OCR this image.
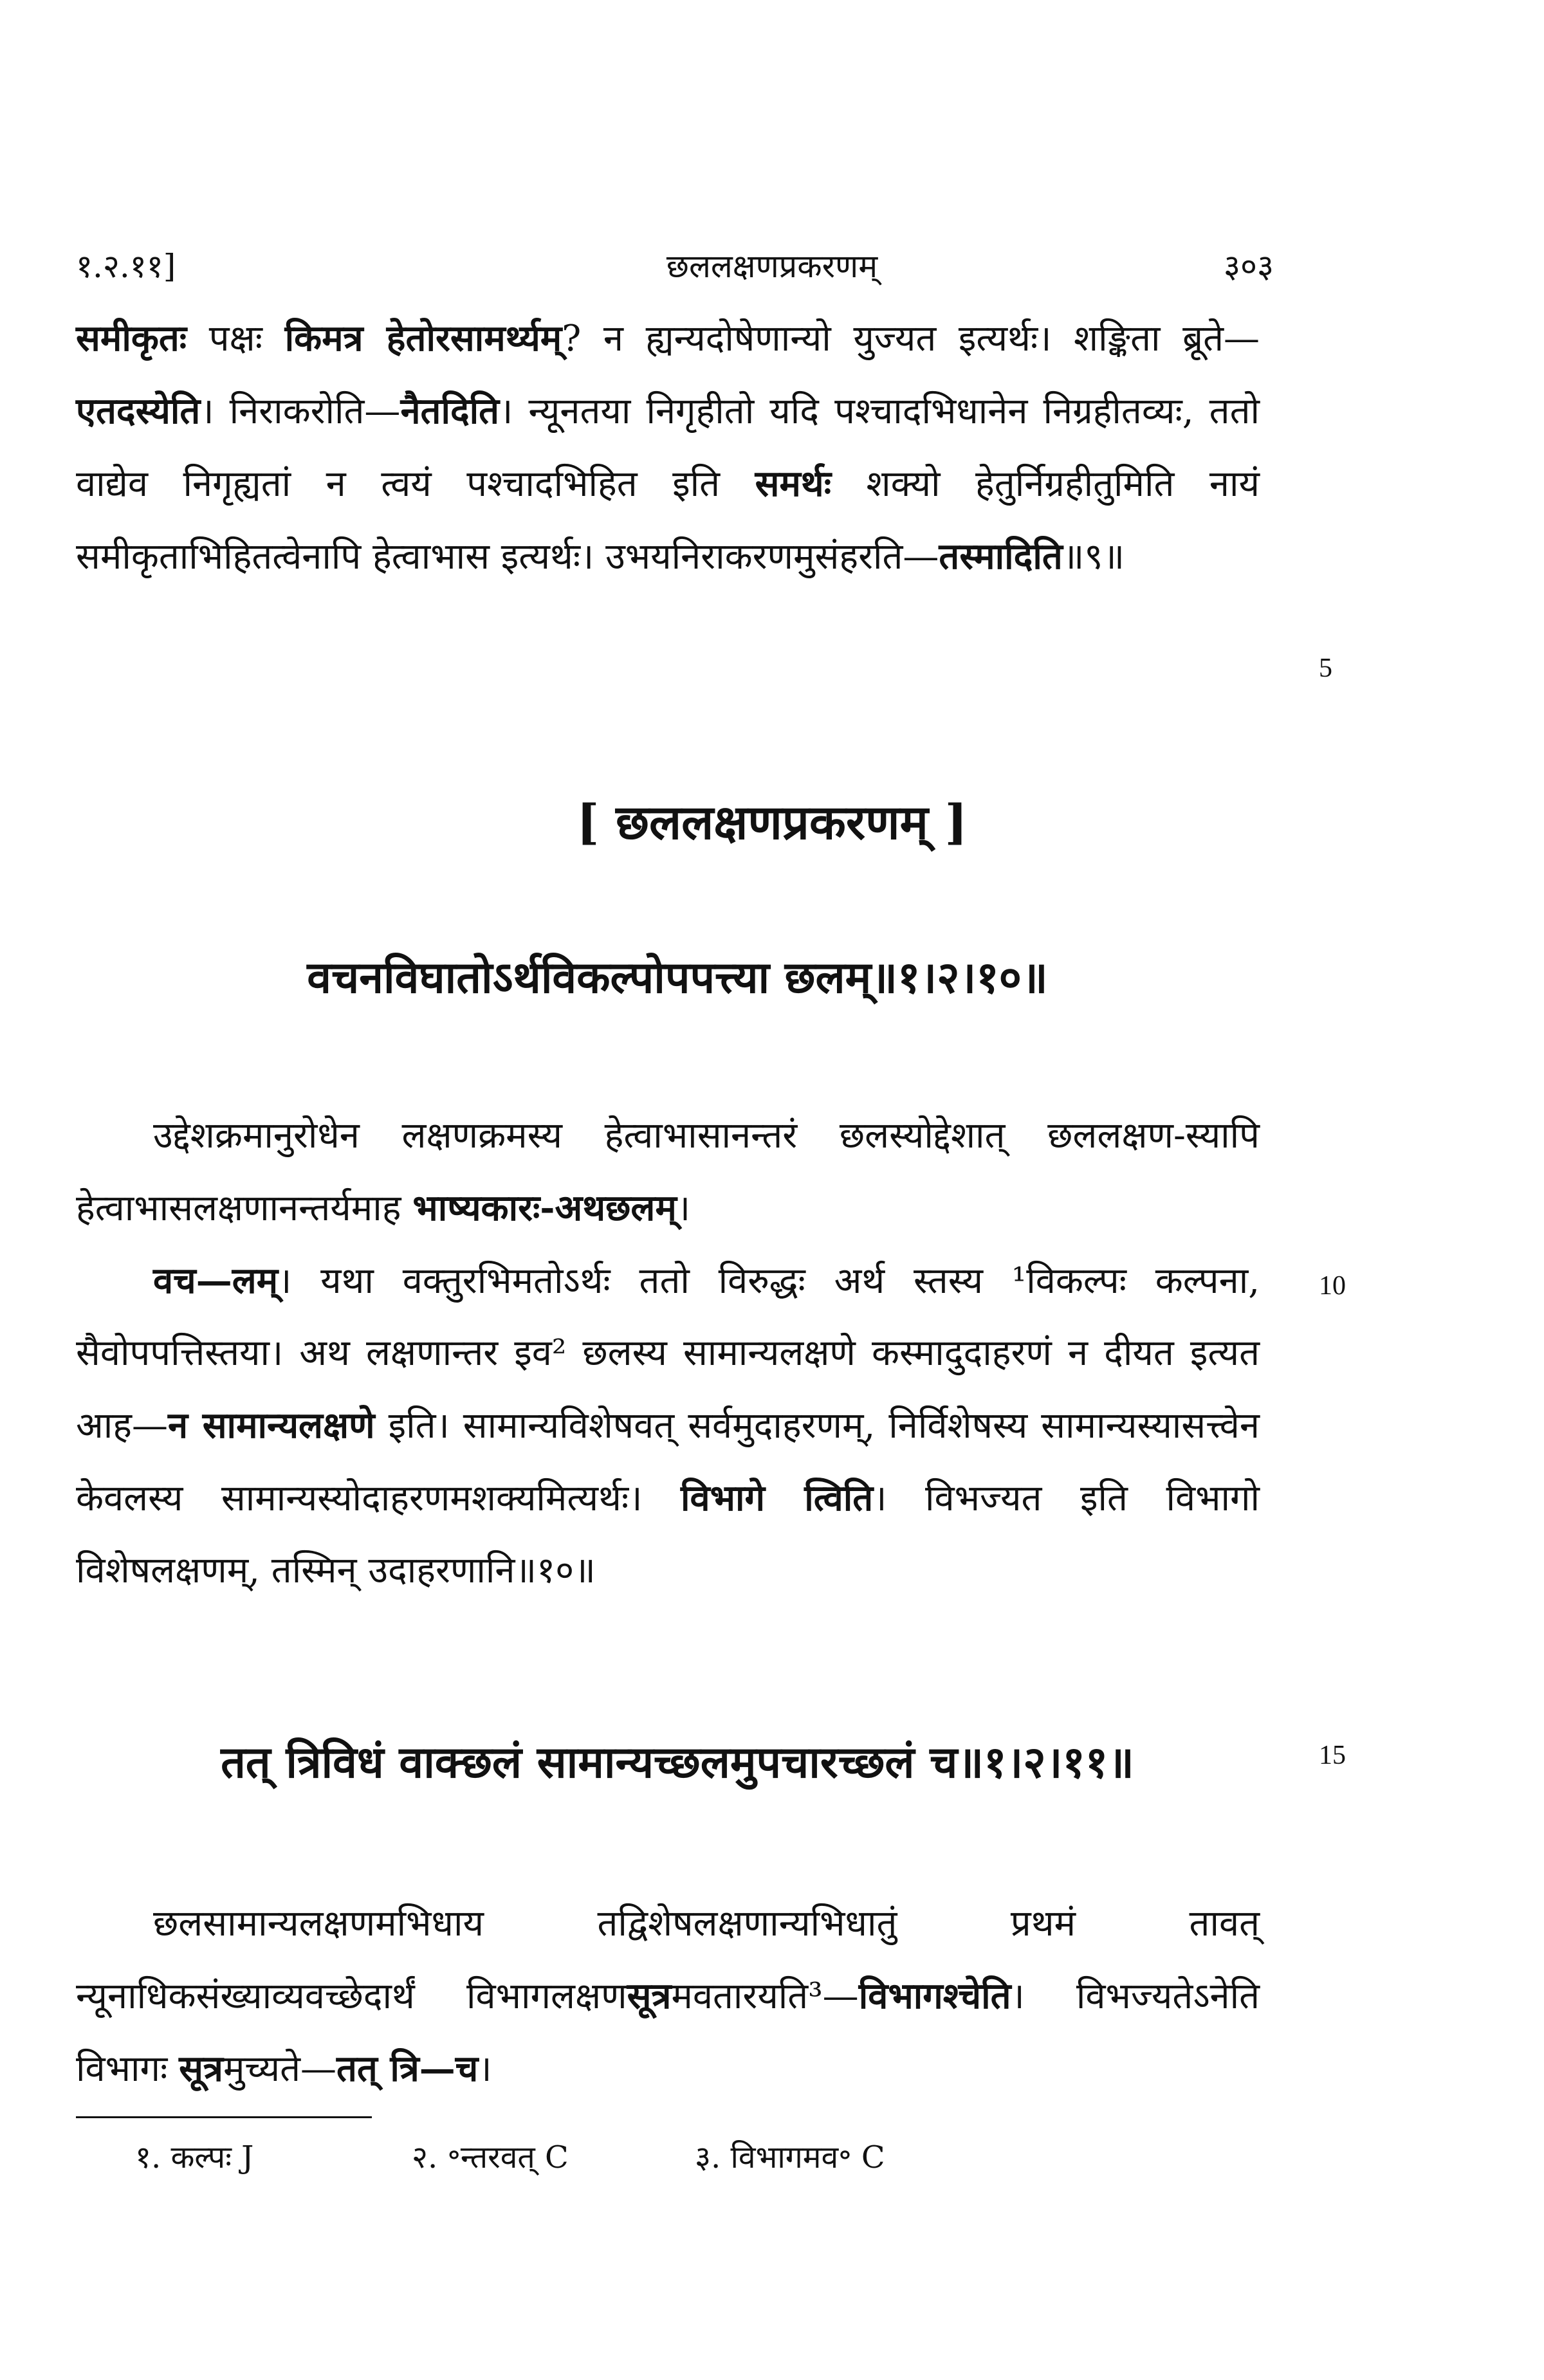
१.२.११]	छललक्षणप्रकरणम्	३०३
समीकृतः पक्षः किमत्र हेतोरसामर्थ्यम्? न ह्यन्यदोषेणान्यो युज्यत इत्यर्थः। शङ्किता ब्रूते—एतदस्येति। निराकरोति—नैतदिति। न्यूनतया निगृहीतो यदि पश्चादभिधानेन निग्रहीतव्यः, ततो वाद्येव निगृह्यतां न त्वयं पश्चादभिहित इति समर्थः शक्यो हेतुर्निग्रहीतुमिति नायं समीकृताभिहितत्वेनापि हेत्वाभास इत्यर्थः। उभयनिराकरणमुसंहरति—तस्मादिति॥९॥
5
[ छललक्षणप्रकरणम् ]
वचनविघातोऽर्थविकल्पोपपत्त्या छलम्॥१।२।१०॥
उद्देशक्रमानुरोधेन लक्षणक्रमस्य हेत्वाभासानन्तरं छलस्योद्देशात् छललक्षण-स्यापि हेत्वाभासलक्षणानन्तर्यमाह भाष्यकारः-अथछलम्।
वच—लम्। यथा वक्तुरभिमतोऽर्थः ततो विरुद्धः अर्थ स्तस्य ¹विकल्पः कल्पना, सैवोपपत्तिस्तया। अथ लक्षणान्तर इव² छलस्य सामान्यलक्षणे कस्मादुदाहरणं न दीयत इत्यत आह—न सामान्यलक्षणे इति। सामान्यविशेषवत् सर्वमुदाहरणम्, निर्विशेषस्य सामान्यस्यासत्त्वेन केवलस्य सामान्यस्योदाहरणमशक्यमित्यर्थः। विभागे त्विति। विभज्यत इति विभागो विशेषलक्षणम्, तस्मिन् उदाहरणानि॥१०॥
10
तत् त्रिविधं वाक्छलं सामान्यच्छलमुपचारच्छलं च॥१।२।११॥	15
छलसामान्यलक्षणमभिधाय तद्विशेषलक्षणान्यभिधातुं प्रथमं तावत् न्यूनाधिकसंख्याव्यवच्छेदार्थं विभागलक्षणसूत्रमवतारयति³—विभागश्चेति। विभज्यतेऽनेति विभागः सूत्रमुच्यते—तत् त्रि—च।
१. कल्पः J	२. ॰न्तरवत् C	३. विभागमव॰ C
